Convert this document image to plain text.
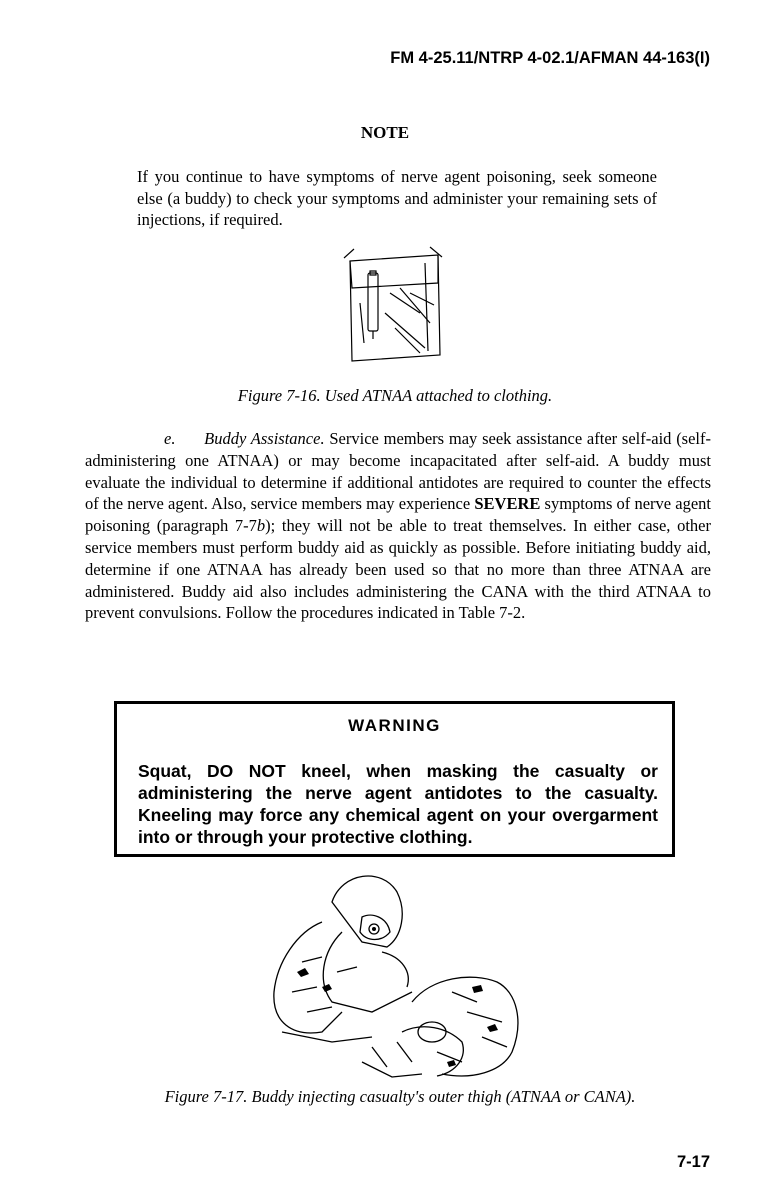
FM 4-25.11/NTRP 4-02.1/AFMAN 44-163(I)
NOTE
If you continue to have symptoms of nerve agent poisoning, seek someone else (a buddy) to check your symptoms and administer your remaining sets of injections, if required.
Figure 7-16. Used ATNAA attached to clothing.
e. Buddy Assistance. Service members may seek assistance after self-aid (self-administering one ATNAA) or may become incapacitated after self-aid. A buddy must evaluate the individual to determine if additional antidotes are required to counter the effects of the nerve agent. Also, service members may experience SEVERE symptoms of nerve agent poisoning (paragraph 7-7b); they will not be able to treat themselves. In either case, other service members must perform buddy aid as quickly as possible. Before initiating buddy aid, determine if one ATNAA has already been used so that no more than three ATNAA are administered. Buddy aid also includes administering the CANA with the third ATNAA to prevent convulsions. Follow the procedures indicated in Table 7-2.
WARNING
Squat, DO NOT kneel, when masking the casualty or administering the nerve agent antidotes to the casualty. Kneeling may force any chemical agent on your overgarment into or through your protective clothing.
Figure 7-17. Buddy injecting casualty's outer thigh (ATNAA or CANA).
7-17
